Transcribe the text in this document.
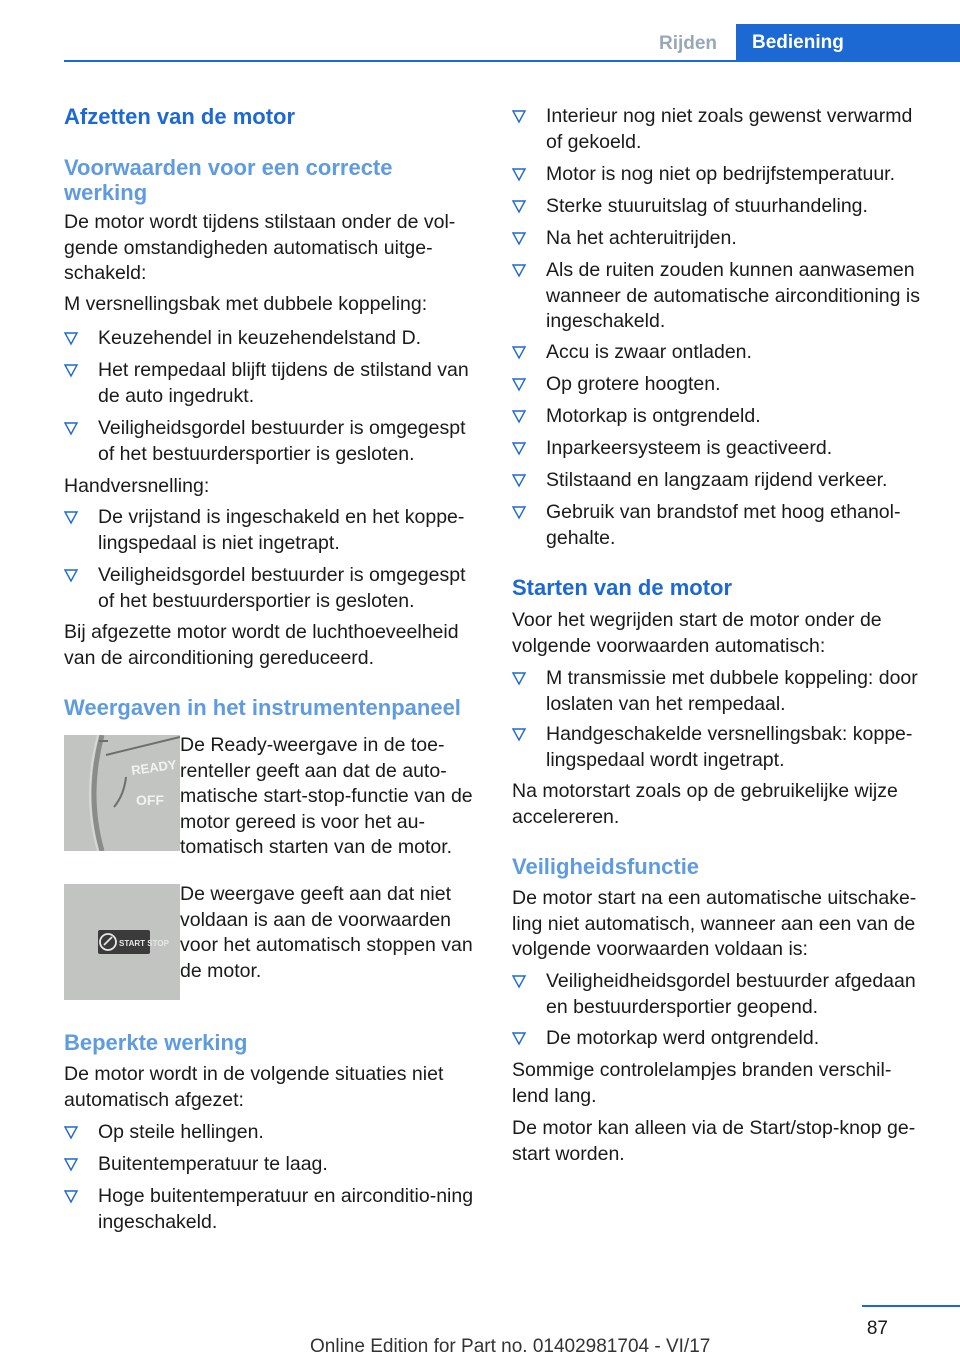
Rijden	Bediening
Afzetten van de motor
Voorwaarden voor een correcte werking
De motor wordt tijdens stilstaan onder de vol-gende omstandigheden automatisch uitge-schakeld:
M versnellingsbak met dubbele koppeling:
Keuzehendel in keuzehendelstand D.
Het rempedaal blijft tijdens de stilstand van de auto ingedrukt.
Veiligheidsgordel bestuurder is omgegespt of het bestuurdersportier is gesloten.
Handversnelling:
De vrijstand is ingeschakeld en het koppe-lingspedaal is niet ingetrapt.
Veiligheidsgordel bestuurder is omgegespt of het bestuurdersportier is gesloten.
Bij afgezette motor wordt de luchthoeveelheid van de airconditioning gereduceerd.
Weergaven in het instrumentenpaneel
READY
OFF
De Ready-weergave in de toe-renteller geeft aan dat de auto-matische start-stop-functie van de motor gereed is voor het au-tomatisch starten van de motor.
START STOP
De weergave geeft aan dat niet voldaan is aan de voorwaarden voor het automatisch stoppen van de motor.
Beperkte werking
De motor wordt in de volgende situaties niet automatisch afgezet:
Op steile hellingen.
Buitentemperatuur te laag.
Hoge buitentemperatuur en airconditio-ning ingeschakeld.
Interieur nog niet zoals gewenst verwarmd of gekoeld.
Motor is nog niet op bedrijfstemperatuur.
Sterke stuuruitslag of stuurhandeling.
Na het achteruitrijden.
Als de ruiten zouden kunnen aanwasemen wanneer de automatische airconditioning is ingeschakeld.
Accu is zwaar ontladen.
Op grotere hoogten.
Motorkap is ontgrendeld.
Inparkeersysteem is geactiveerd.
Stilstaand en langzaam rijdend verkeer.
Gebruik van brandstof met hoog ethanol-gehalte.
Starten van de motor
Voor het wegrijden start de motor onder de volgende voorwaarden automatisch:
M transmissie met dubbele koppeling: door loslaten van het rempedaal.
Handgeschakelde versnellingsbak: koppe-lingspedaal wordt ingetrapt.
Na motorstart zoals op de gebruikelijke wijze accelereren.
Veiligheidsfunctie
De motor start na een automatische uitschake-ling niet automatisch, wanneer aan een van de volgende voorwaarden voldaan is:
Veiligheidheidsgordel bestuurder afgedaan en bestuurdersportier geopend.
De motorkap werd ontgrendeld.
Sommige controlelampjes branden verschil-lend lang.
De motor kan alleen via de Start/stop-knop ge-start worden.
87
Online Edition for Part no. 01402981704 - VI/17
